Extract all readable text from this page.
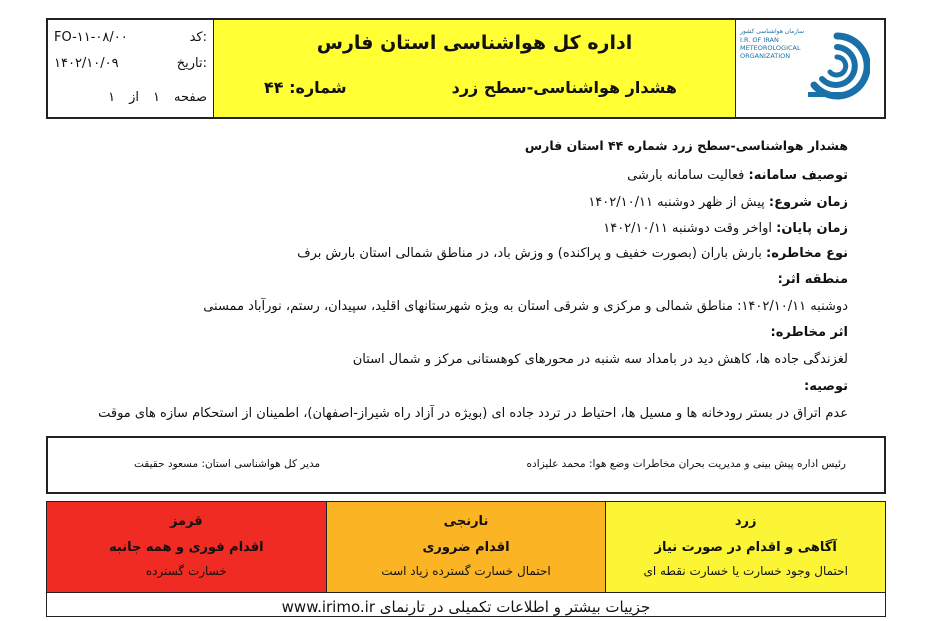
FO-۱۱-۰۸/۰۰	کد:
۱۴۰۲/۱۰/۰۹	تاریخ:
صفحه
۱
از
۱
اداره کل هواشناسی استان فارس
هشدار هواشناسی-سطح زرد
شماره: ۴۴
سازمان هواشناسی کشور
I.R. OF IRAN
METEOROLOGICAL
ORGANIZATION
هشدار هواشناسی-سطح زرد شماره ۴۴ استان فارس
توصیف سامانه: فعالیت سامانه بارشی
زمان شروع: پیش از ظهر دوشنبه ۱۴۰۲/۱۰/۱۱
زمان پایان: اواخر وقت دوشنبه ۱۴۰۲/۱۰/۱۱
نوع مخاطره: بارش باران (بصورت خفیف و پراکنده) و وزش باد، در مناطق شمالی استان بارش برف
منطقه اثر:
دوشنبه ۱۴۰۲/۱۰/۱۱: مناطق شمالی و مرکزی و شرقی استان به ویژه شهرستانهای اقلید، سپیدان، رستم، نورآباد ممسنی
اثر مخاطره:
لغزندگی جاده ها، کاهش دید در بامداد سه شنبه در محورهای کوهستانی مرکز و شمال استان
توصیه:
عدم اتراق در بستر رودخانه ها و مسیل ها، احتیاط در تردد جاده ای (بویژه در آزاد راه شیراز-اصفهان)، اطمینان از استحکام سازه های موقت
مدیر کل هواشناسی استان: مسعود حقیقت	رئیس اداره پیش بینی و مدیریت بحران مخاطرات وضع هوا: محمد علیزاده
قرمز
اقدام فوری و همه جانبه
خسارت گسترده
نارنجی
اقدام ضروری
احتمال خسارت گسترده زیاد است
زرد
آگاهی و اقدام در صورت نیاز
احتمال وجود خسارت یا خسارت نقطه ای
جزییات بیشتر و اطلاعات تکمیلی در تارنمای www.irimo.ir
